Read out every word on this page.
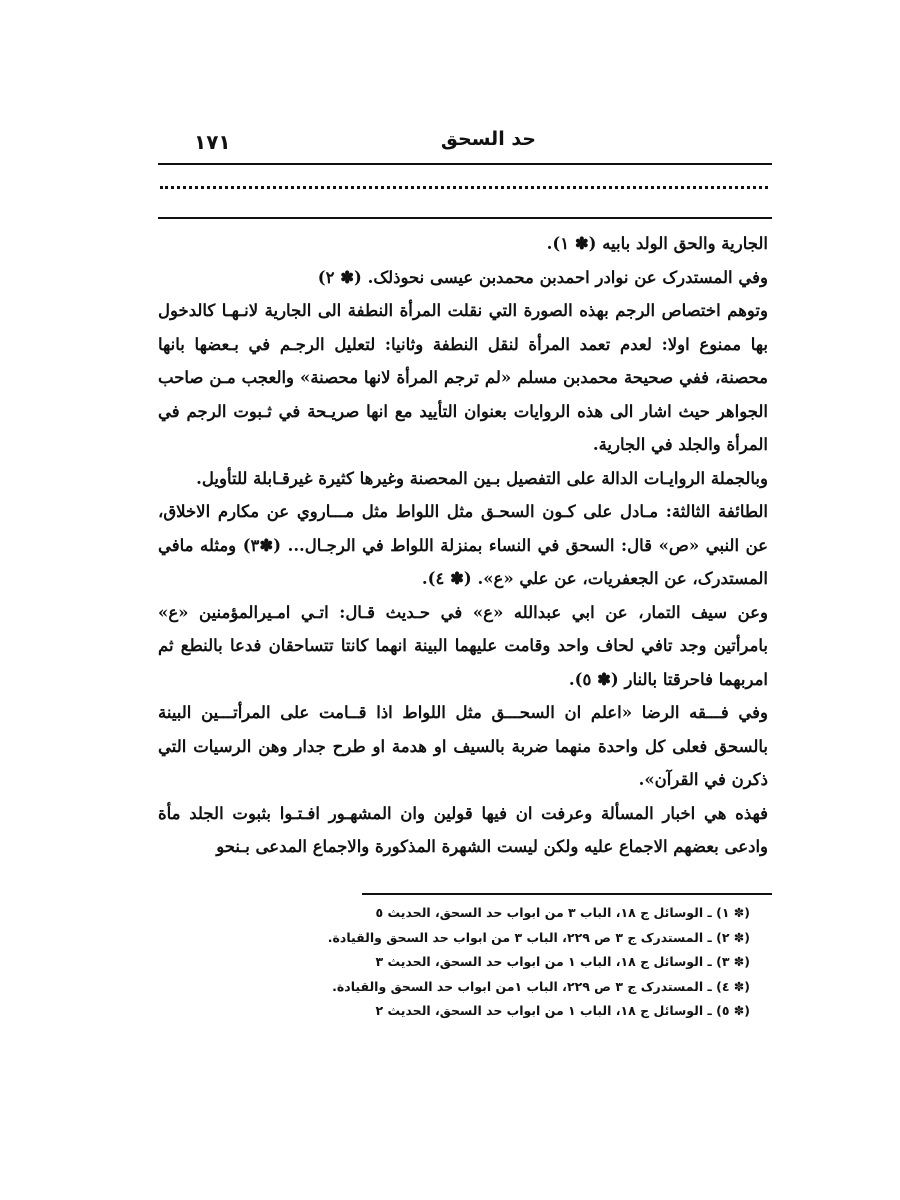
حد السحق
١٧١

الجارية والحق الولد بابيه (✽ ١).

وفي المستدرک عن نوادر احمدبن محمدبن عيسى نحوذلک. (✽ ٢)

وتوهم اختصاص الرجم بهذه الصورة التي نقلت المرأة النطفة الى الجارية لانـهـا كالدخول بها ممنوع اولا: لعدم تعمد المرأة لنقل النطفة وثانيا: لتعليل الرجـم في بـعضها بانها محصنة، ففي صحيحة محمدبن مسلم «لم ترجم المرأة لانها محصنة» والعجب مـن صاحب الجواهر حيث اشار الى هذه الروايات بعنوان التأييد مع انها صريـحة في ثـبوت الرجم في المرأة والجلد في الجارية.

وبالجملة الروايـات الدالة على التفصيل بـين المحصنة وغيرها كثيرة غيرقـابلة للتأويل.

الطائفة الثالثة: مـادل على كـون السحـق مثل اللواط مثل مـــاروي عن مكارم الاخلاق، عن النبي «ص» قال: السحق في النساء بمنزلة اللواط في الرجـال... (✽٣) ومثله مافي المستدرک، عن الجعفريات، عن علي «ع». (✽ ٤).

وعن سيف التمار، عن ابي عبدالله «ع» في حـديث قـال: اتـي امـيرالمؤمنين «ع» بامرأتين وجد تافي لحاف واحد وقامت عليهما البينة انهما كانتا تتساحقان فدعا بالنطع ثم امربهما فاحرقتا بالنار (✽ ٥).

وفي فـــقه الرضا «اعلم ان السحـــق مثل اللواط اذا قــامت على المرأتـــين البينة بالسحق فعلى كل واحدة منهما ضربة بالسيف او هدمة او طرح جدار وهن الرسيات التي ذكرن في القرآن».

فهذه هي اخبار المسألة وعرفت ان فيها قولين وان المشهـور افـتـوا بثبوت الجلد مأة وادعى بعضهم الاجماع عليه ولكن ليست الشهرة المذكورة والاجماع المدعى بـنحو

(✽ ١) ـ الوسائل ج ١٨، الباب ٣ من ابواب حد السحق، الحديث ٥
(✽ ٢) ـ المستدرک ج ٣ ص ٢٢٩، الباب ٣ من ابواب حد السحق والقيادة.
(✽ ٣) ـ الوسائل ج ١٨، الباب ١ من ابواب حد السحق، الحديث ٣
(✽ ٤) ـ المستدرک ج ٣ ص ٢٢٩، الباب ١من ابواب حد السحق والقيادة.
(✽ ٥) ـ الوسائل ج ١٨، الباب ١ من ابواب حد السحق، الحديث ٢
